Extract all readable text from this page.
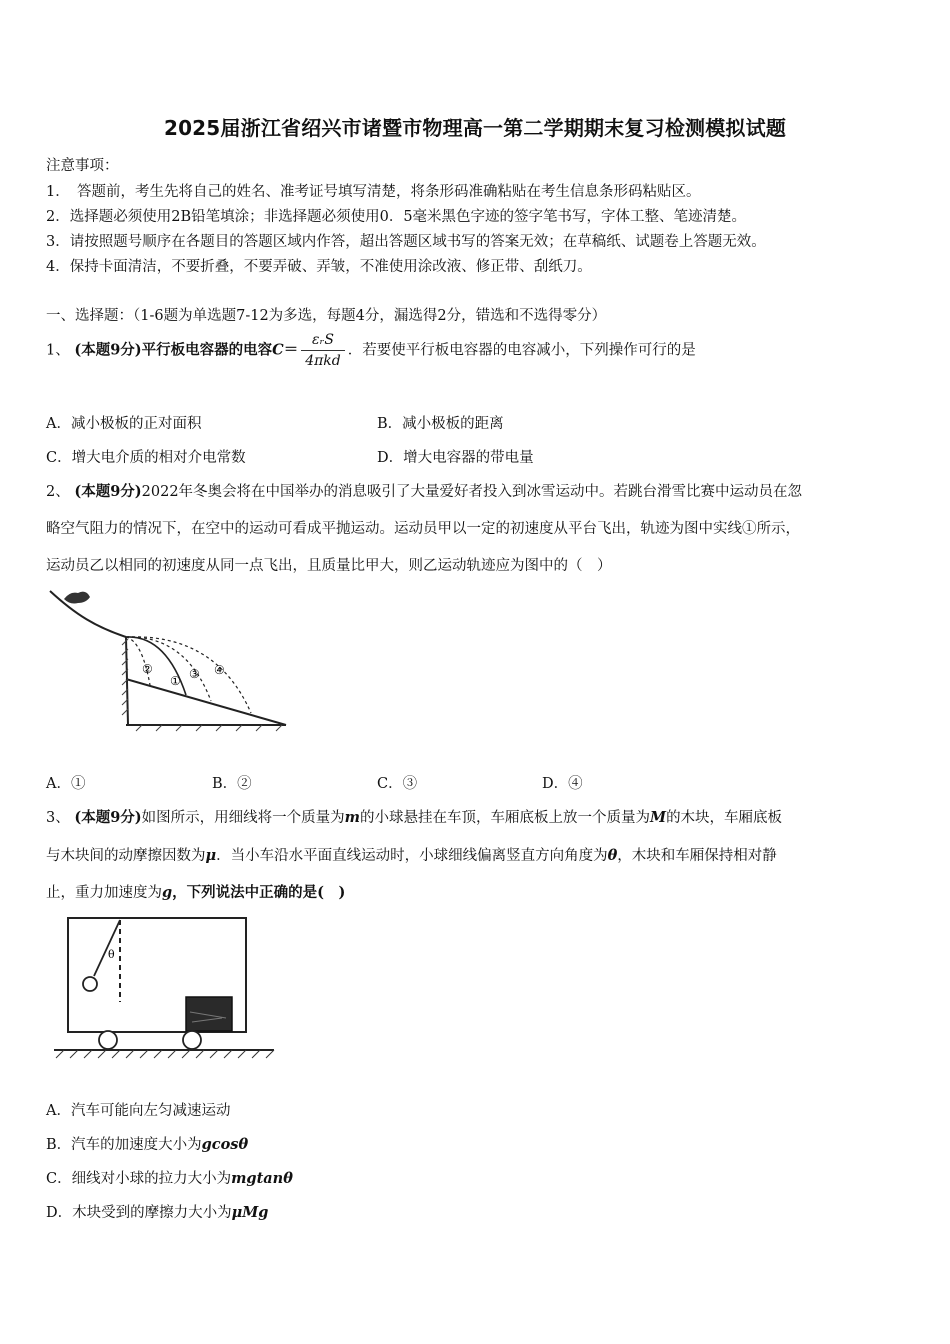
2025届浙江省绍兴市诸暨市物理高一第二学期期末复习检测模拟试题
注意事项：
1．　答题前，考生先将自己的姓名、准考证号填写清楚，将条形码准确粘贴在考生信息条形码粘贴区。
2．选择题必须使用2B铅笔填涂；非选择题必须使用0．5毫米黑色字迹的签字笔书写，字体工整、笔迹清楚。
3．请按照题号顺序在各题目的答题区域内作答，超出答题区域书写的答案无效；在草稿纸、试题卷上答题无效。
4．保持卡面清洁，不要折叠，不要弄破、弄皱，不准使用涂改液、修正带、刮纸刀。
一、选择题：（1-6题为单选题7-12为多选，每题4分，漏选得2分，错选和不选得零分）
1、 (本题9分)平行板电容器的电容$C= \frac{\text{εᵣS}}{\text{4πkd}}$ ．若要使平行板电容器的电容减小，下列操作可行的是
A．减小极板的正对面积	B．减小极板的距离
C．增大电介质的相对介电常数	D．增大电容器的带电量
2、 (本题9分)2022年冬奥会将在中国举办的消息吸引了大量爱好者投入到冰雪运动中。若跳台滑雪比赛中运动员在忽
略空气阻力的情况下，在空中的运动可看成平抛运动。运动员甲以一定的初速度从平台飞出，轨迹为图中实线①所示，
运动员乙以相同的初速度从同一点飞出，且质量比甲大，则乙运动轨迹应为图中的（　）
②
① ③ ④
A．①	B．②	C．③	D．④
3、 (本题9分)如图所示，用细线将一个质量为m的小球悬挂在车顶，车厢底板上放一个质量为M的木块，车厢底板
与木块间的动摩擦因数为μ．当小车沿水平面直线运动时，小球细线偏离竖直方向角度为θ，木块和车厢保持相对静
止，重力加速度为g，下列说法中正确的是(　)
θ
A．汽车可能向左匀减速运动
B．汽车的加速度大小为gcosθ
C．细线对小球的拉力大小为mgtanθ
D．木块受到的摩擦力大小为μMg
